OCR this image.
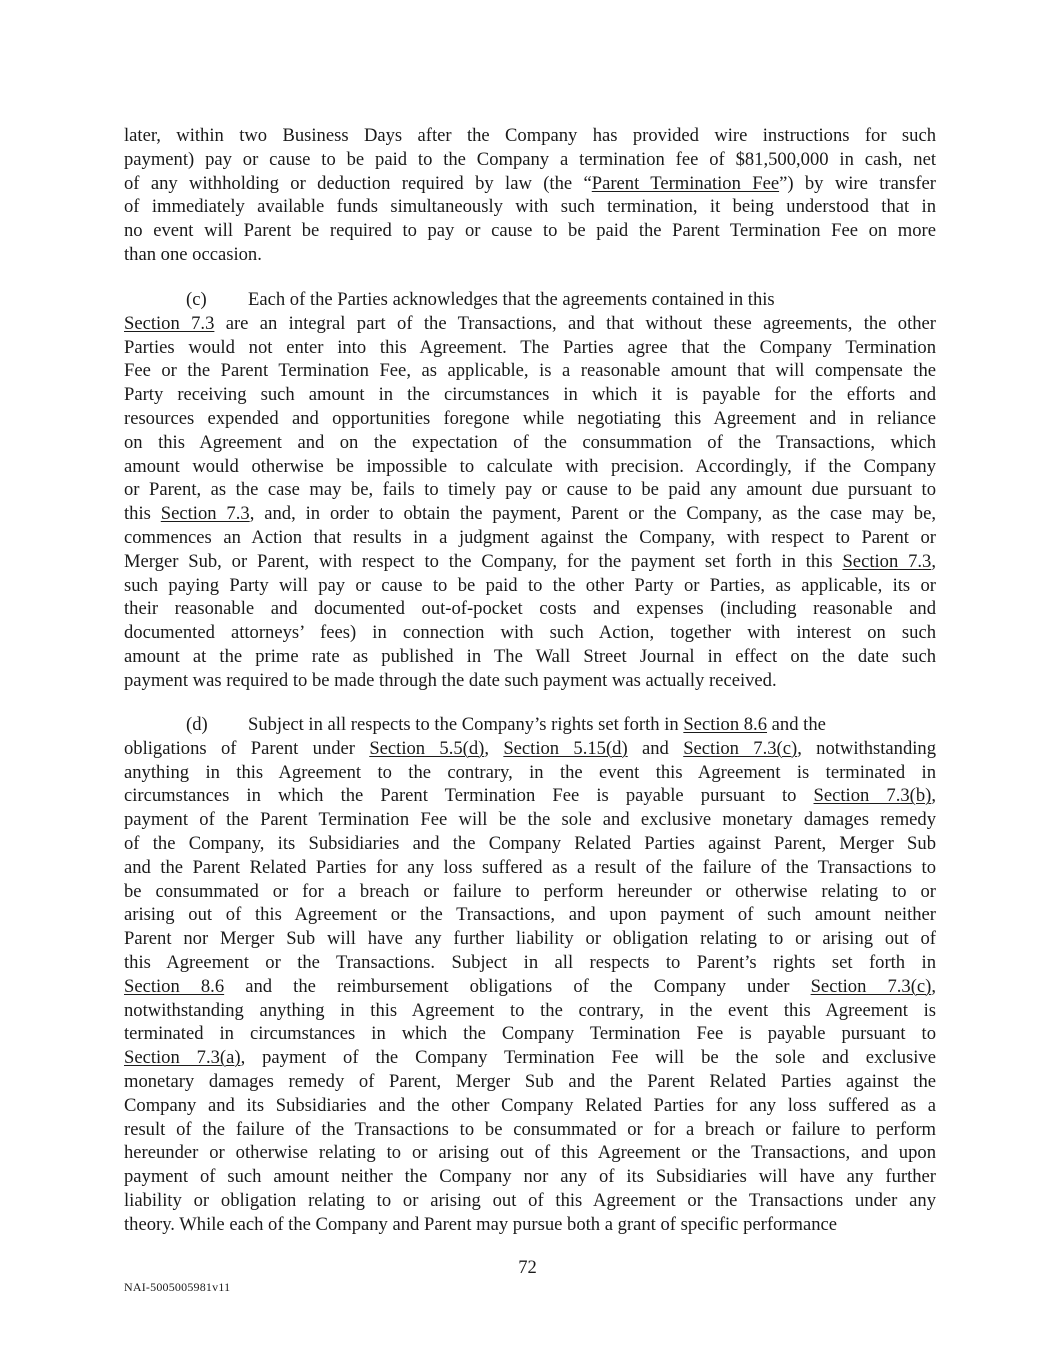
later, within two Business Days after the Company has provided wire instructions for such
payment) pay or cause to be paid to the Company a termination fee of $81,500,000 in cash, net
of any withholding or deduction required by law (the “Parent Termination Fee”) by wire transfer
of immediately available funds simultaneously with such termination, it being understood that in
no event will Parent be required to pay or cause to be paid the Parent Termination Fee on more
than one occasion.
(c) Each of the Parties acknowledges that the agreements contained in this
Section 7.3 are an integral part of the Transactions, and that without these agreements, the other
Parties would not enter into this Agreement. The Parties agree that the Company Termination
Fee or the Parent Termination Fee, as applicable, is a reasonable amount that will compensate the
Party receiving such amount in the circumstances in which it is payable for the efforts and
resources expended and opportunities foregone while negotiating this Agreement and in reliance
on this Agreement and on the expectation of the consummation of the Transactions, which
amount would otherwise be impossible to calculate with precision. Accordingly, if the Company
or Parent, as the case may be, fails to timely pay or cause to be paid any amount due pursuant to
this Section 7.3, and, in order to obtain the payment, Parent or the Company, as the case may be,
commences an Action that results in a judgment against the Company, with respect to Parent or
Merger Sub, or Parent, with respect to the Company, for the payment set forth in this Section 7.3,
such paying Party will pay or cause to be paid to the other Party or Parties, as applicable, its or
their reasonable and documented out-of-pocket costs and expenses (including reasonable and
documented attorneys’ fees) in connection with such Action, together with interest on such
amount at the prime rate as published in The Wall Street Journal in effect on the date such
payment was required to be made through the date such payment was actually received.
(d) Subject in all respects to the Company’s rights set forth in Section 8.6 and the
obligations of Parent under Section 5.5(d), Section 5.15(d) and Section 7.3(c), notwithstanding
anything in this Agreement to the contrary, in the event this Agreement is terminated in
circumstances in which the Parent Termination Fee is payable pursuant to Section 7.3(b),
payment of the Parent Termination Fee will be the sole and exclusive monetary damages remedy
of the Company, its Subsidiaries and the Company Related Parties against Parent, Merger Sub
and the Parent Related Parties for any loss suffered as a result of the failure of the Transactions to
be consummated or for a breach or failure to perform hereunder or otherwise relating to or
arising out of this Agreement or the Transactions, and upon payment of such amount neither
Parent nor Merger Sub will have any further liability or obligation relating to or arising out of
this Agreement or the Transactions. Subject in all respects to Parent’s rights set forth in
Section 8.6 and the reimbursement obligations of the Company under Section 7.3(c),
notwithstanding anything in this Agreement to the contrary, in the event this Agreement is
terminated in circumstances in which the Company Termination Fee is payable pursuant to
Section 7.3(a), payment of the Company Termination Fee will be the sole and exclusive
monetary damages remedy of Parent, Merger Sub and the Parent Related Parties against the
Company and its Subsidiaries and the other Company Related Parties for any loss suffered as a
result of the failure of the Transactions to be consummated or for a breach or failure to perform
hereunder or otherwise relating to or arising out of this Agreement or the Transactions, and upon
payment of such amount neither the Company nor any of its Subsidiaries will have any further
liability or obligation relating to or arising out of this Agreement or the Transactions under any
theory. While each of the Company and Parent may pursue both a grant of specific performance
72
NAI-5005005981v11
